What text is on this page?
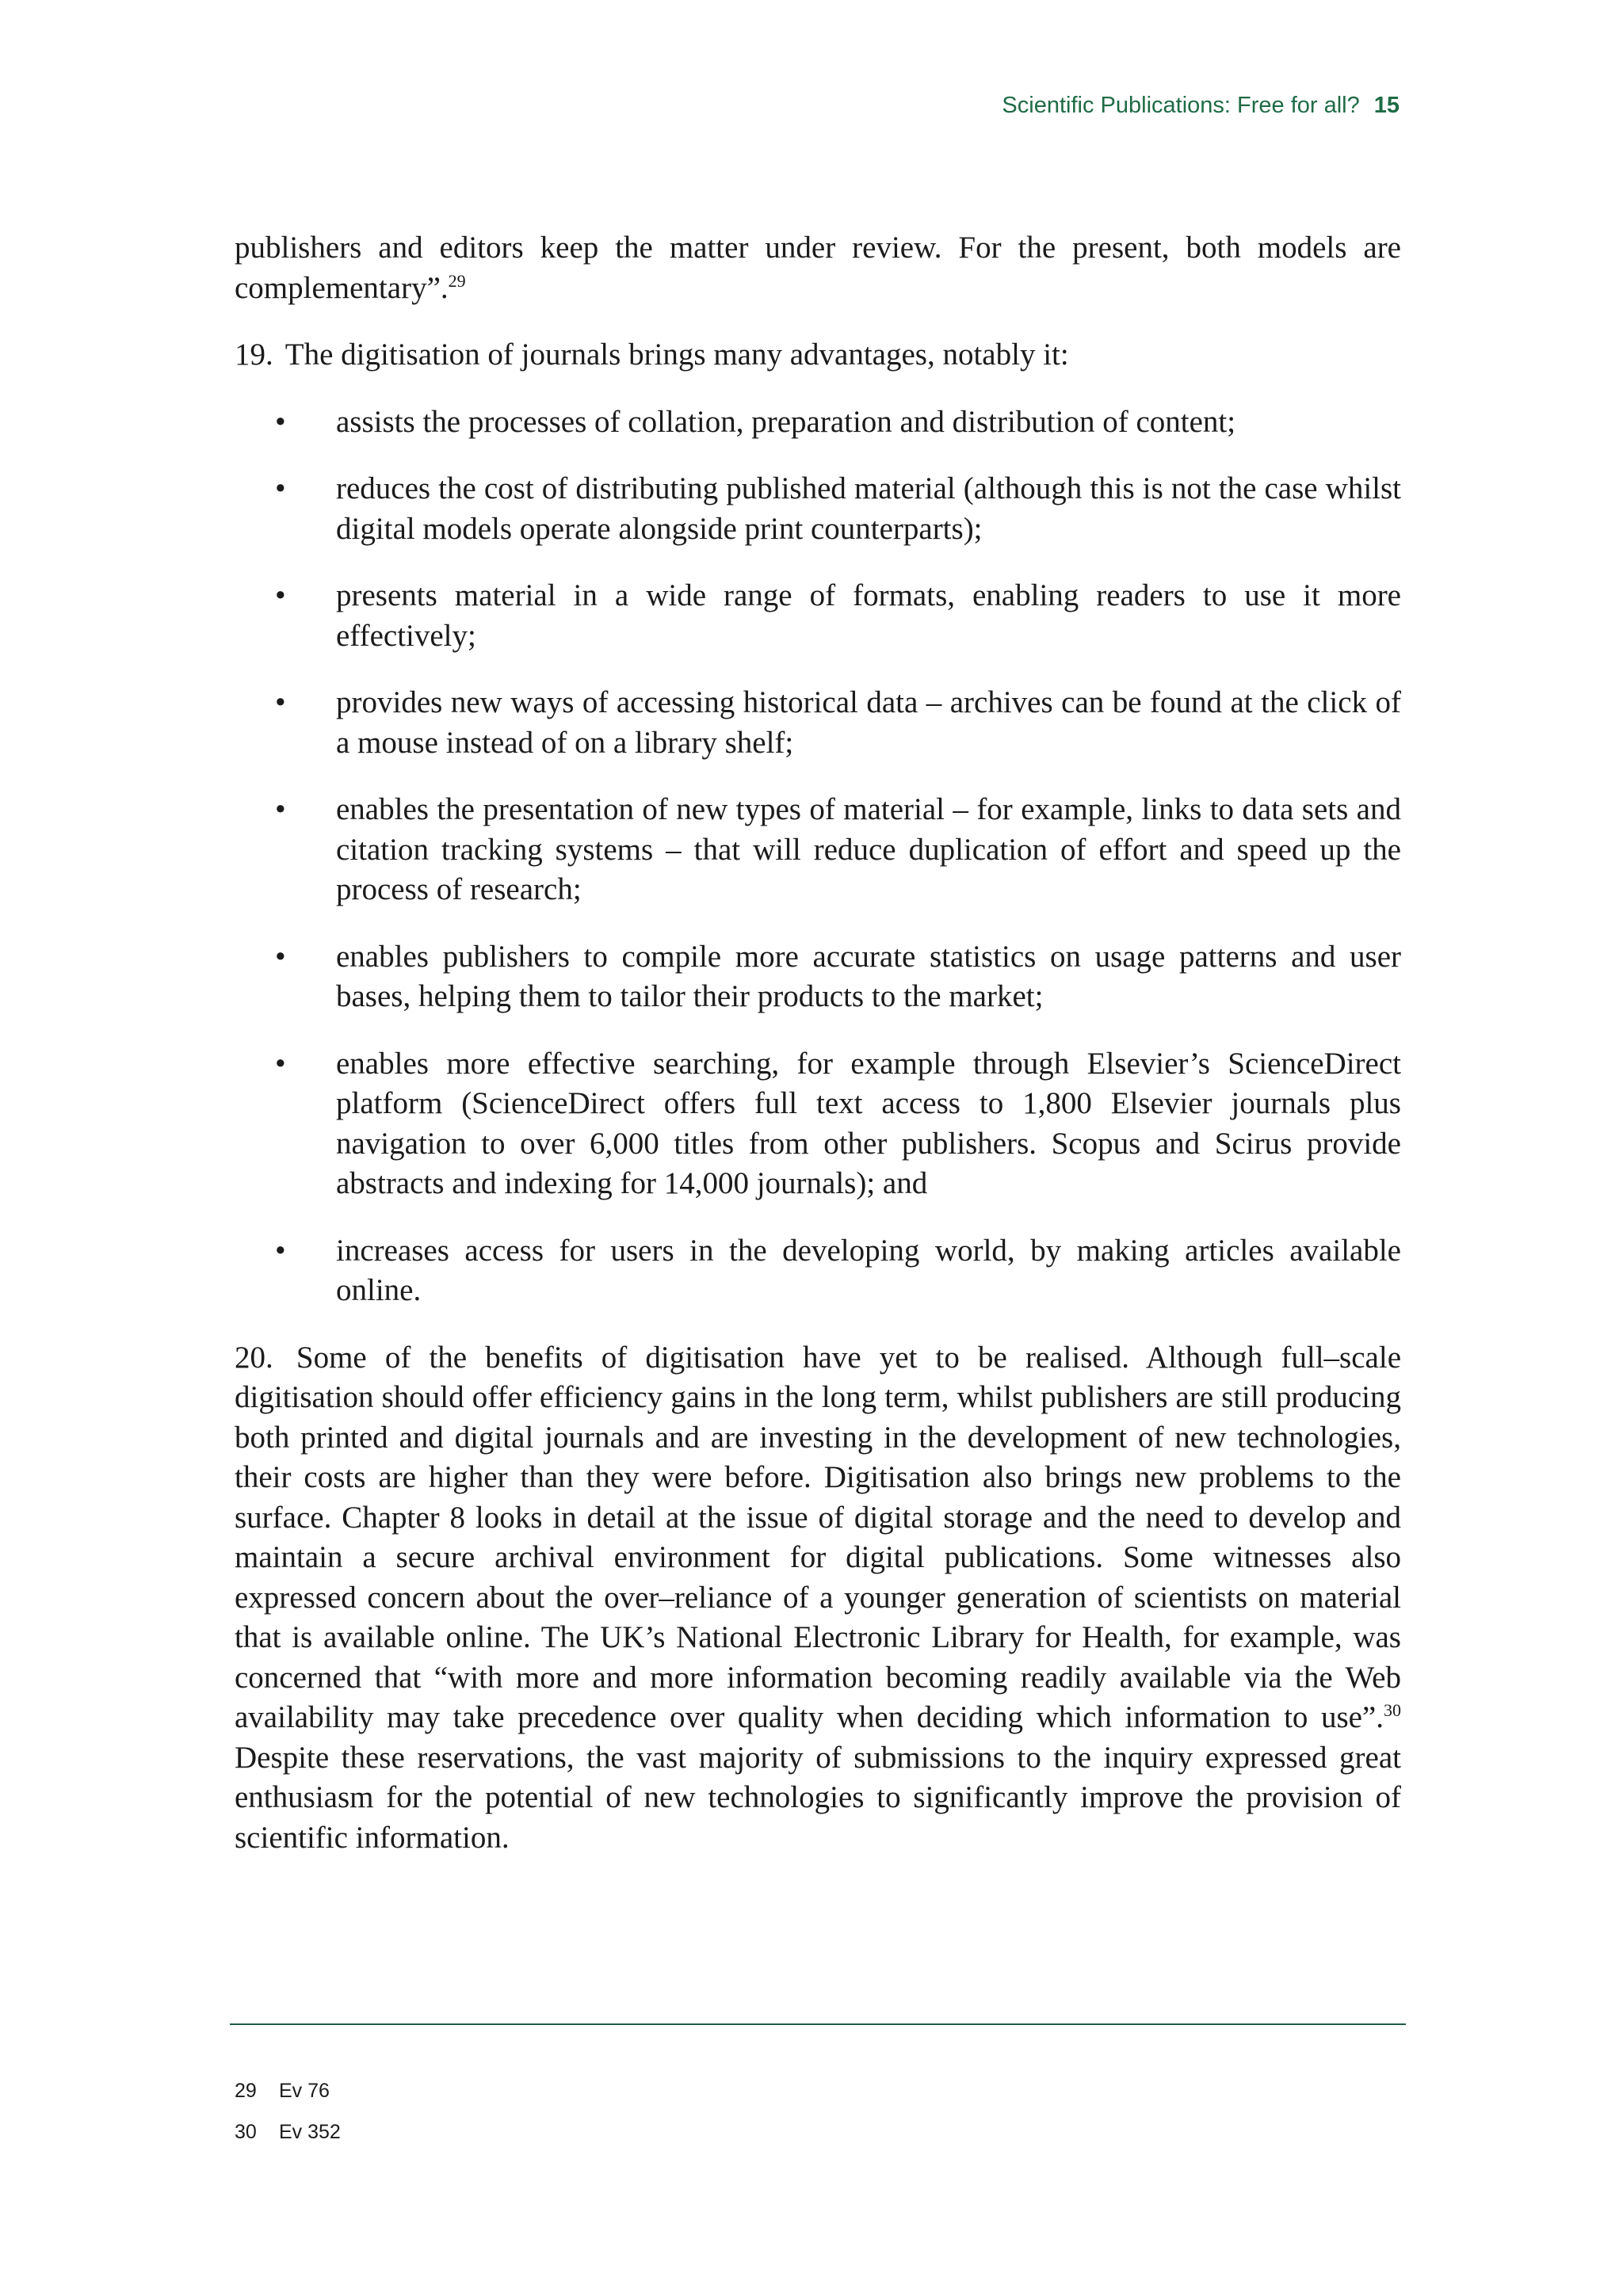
Scientific Publications: Free for all? 15

publishers and editors keep the matter under review. For the present, both models are complementary”.$^{29}$

19. The digitisation of journals brings many advantages, notably it:

• assists the processes of collation, preparation and distribution of content;
• reduces the cost of distributing published material (although this is not the case whilst digital models operate alongside print counterparts);
• presents material in a wide range of formats, enabling readers to use it more effectively;
• provides new ways of accessing historical data – archives can be found at the click of a mouse instead of on a library shelf;
• enables the presentation of new types of material – for example, links to data sets and citation tracking systems – that will reduce duplication of effort and speed up the process of research;
• enables publishers to compile more accurate statistics on usage patterns and user bases, helping them to tailor their products to the market;
• enables more effective searching, for example through Elsevier’s ScienceDirect platform (ScienceDirect offers full text access to 1,800 Elsevier journals plus navigation to over 6,000 titles from other publishers. Scopus and Scirus provide abstracts and indexing for 14,000 journals); and
• increases access for users in the developing world, by making articles available online.

20. Some of the benefits of digitisation have yet to be realised. Although full–scale digitisation should offer efficiency gains in the long term, whilst publishers are still producing both printed and digital journals and are investing in the development of new technologies, their costs are higher than they were before. Digitisation also brings new problems to the surface. Chapter 8 looks in detail at the issue of digital storage and the need to develop and maintain a secure archival environment for digital publications. Some witnesses also expressed concern about the over–reliance of a younger generation of scientists on material that is available online. The UK’s National Electronic Library for Health, for example, was concerned that “with more and more information becoming readily available via the Web availability may take precedence over quality when deciding which information to use”.$^{30}$ Despite these reservations, the vast majority of submissions to the inquiry expressed great enthusiasm for the potential of new technologies to significantly improve the provision of scientific information.

29 Ev 76
30 Ev 352
